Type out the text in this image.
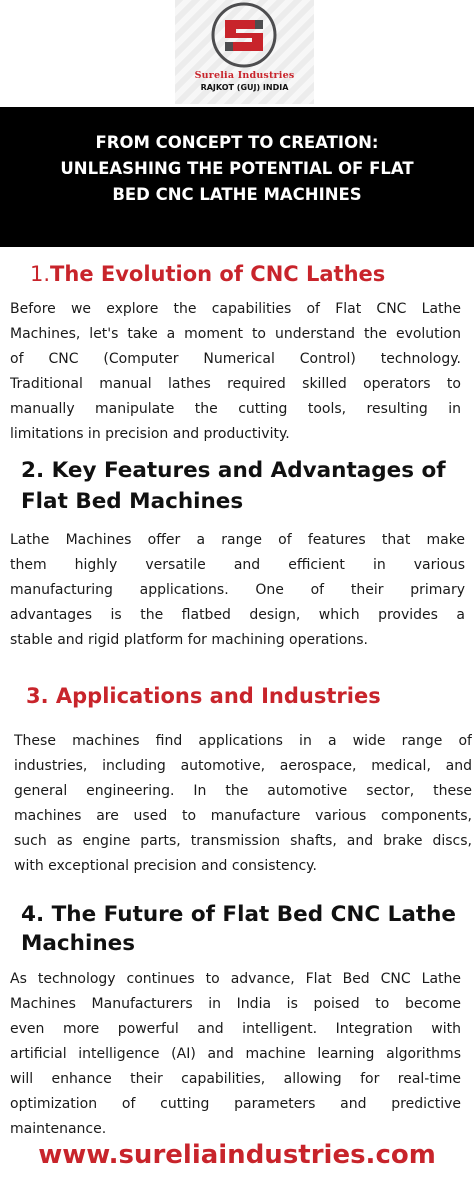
Surelia Industries
RAJKOT (GUJ) INDIA
FROM CONCEPT TO CREATION:
UNLEASHING THE POTENTIAL OF FLAT
BED CNC LATHE MACHINES
1.The Evolution of CNC Lathes
Before we explore the capabilities of Flat CNC Lathe
Machines, let's take a moment to understand the evolution
of CNC (Computer Numerical Control) technology.
Traditional manual lathes required skilled operators to
manually manipulate the cutting tools, resulting in
limitations in precision and productivity.
2. Key Features and Advantages of
Flat Bed Machines
Lathe Machines offer a range of features that make
them highly versatile and efficient in various
manufacturing applications. One of their primary
advantages is the flatbed design, which provides a
stable and rigid platform for machining operations.
3. Applications and Industries
These machines find applications in a wide range of
industries, including automotive, aerospace, medical, and
general engineering. In the automotive sector, these
machines are used to manufacture various components,
such as engine parts, transmission shafts, and brake discs,
with exceptional precision and consistency.
4. The Future of Flat Bed CNC Lathe
Machines
As technology continues to advance, Flat Bed CNC Lathe
Machines Manufacturers in India is poised to become
even more powerful and intelligent. Integration with
artificial intelligence (AI) and machine learning algorithms
will enhance their capabilities, allowing for real-time
optimization of cutting parameters and predictive
maintenance.
www.sureliaindustries.com
